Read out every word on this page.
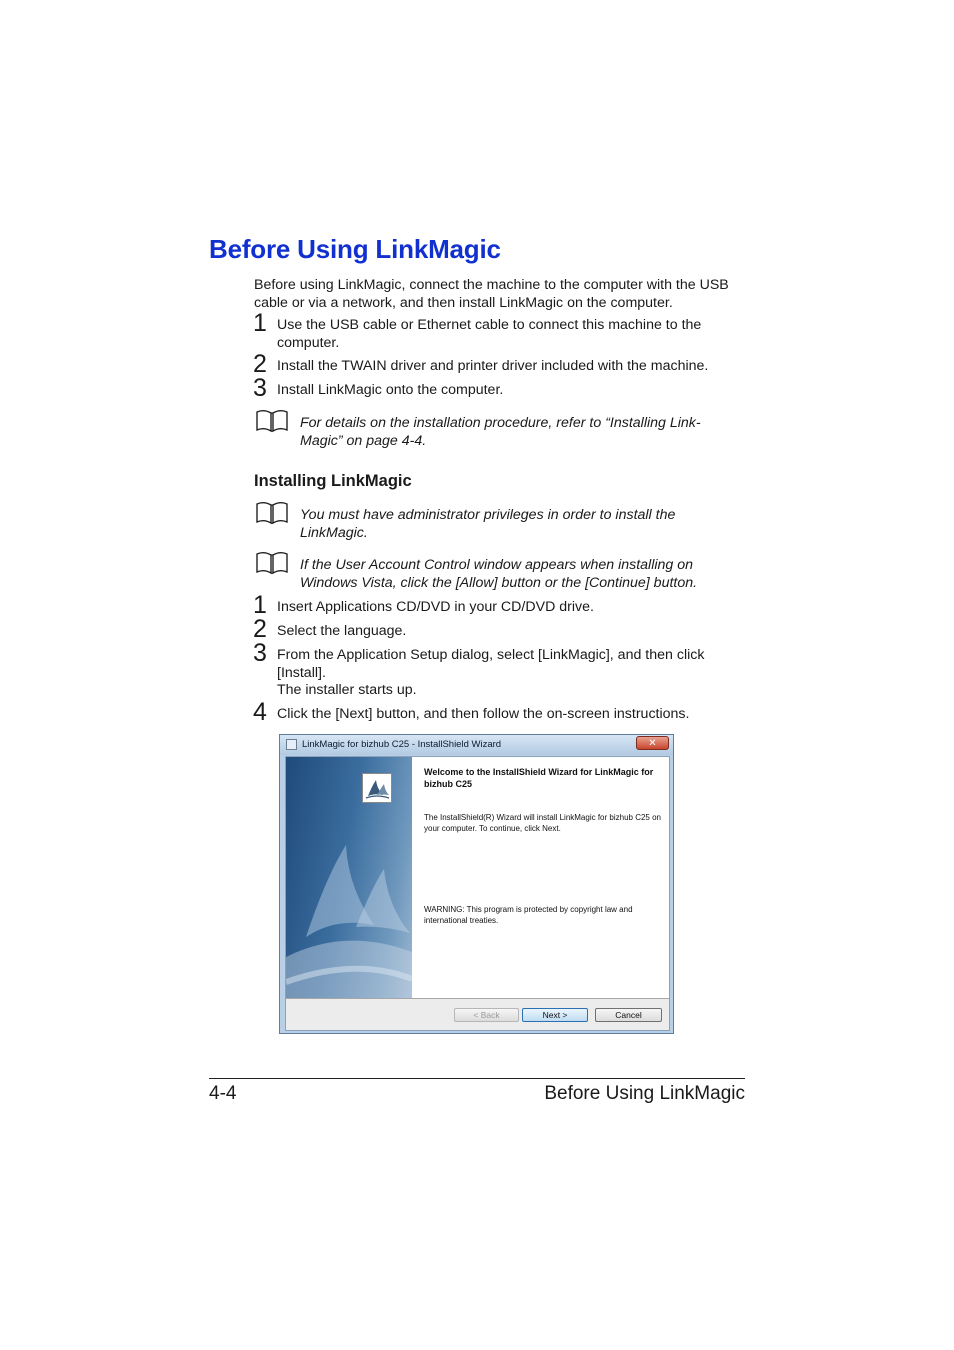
Before Using LinkMagic
Before using LinkMagic, connect the machine to the computer with the USB cable or via a network, and then install LinkMagic on the computer.
1 Use the USB cable or Ethernet cable to connect this machine to the computer.
2 Install the TWAIN driver and printer driver included with the machine.
3 Install LinkMagic onto the computer.
For details on the installation procedure, refer to “Installing Link-Magic” on page 4-4.
Installing LinkMagic
You must have administrator privileges in order to install the LinkMagic.
If the User Account Control window appears when installing on Windows Vista, click the [Allow] button or the [Continue] button.
1 Insert Applications CD/DVD in your CD/DVD drive.
2 Select the language.
3 From the Application Setup dialog, select [LinkMagic], and then click [Install].
The installer starts up.
4 Click the [Next] button, and then follow the on-screen instructions.
LinkMagic for bizhub C25 - InstallShield Wizard	✕
Welcome to the InstallShield Wizard for LinkMagic for bizhub C25
The InstallShield(R) Wizard will install LinkMagic for bizhub C25 on your computer. To continue, click Next.
WARNING: This program is protected by copyright law and international treaties.
< Back	Next >	Cancel
4-4	Before Using LinkMagic
